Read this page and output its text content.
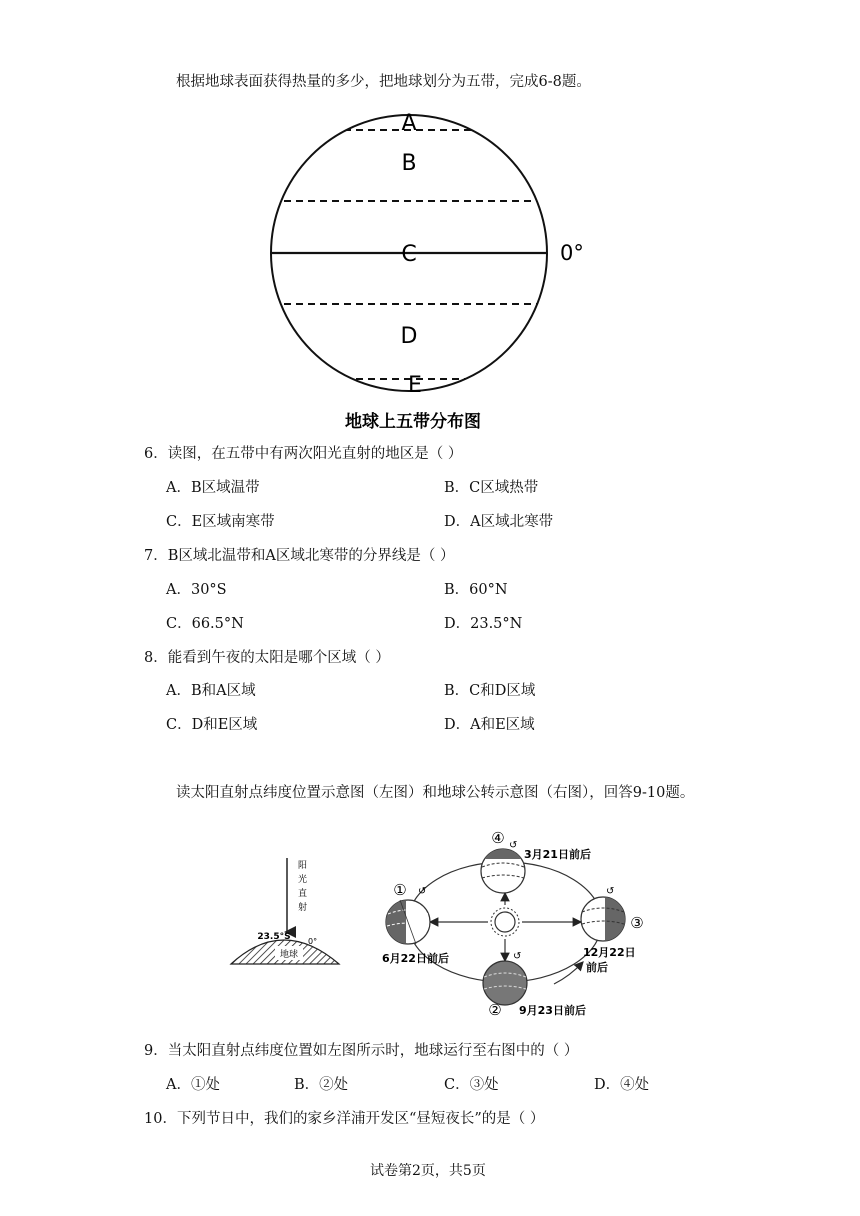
根据地球表面获得热量的多少，把地球划分为五带，完成6-8题。
A
B
C
D
E
0°
地球上五带分布图
6．读图，在五带中有两次阳光直射的地区是（ ）
A．B区域温带	B．C区域热带
C．E区域南寒带	D．A区域北寒带
7．B区域北温带和A区域北寒带的分界线是（ ）
A．30°S	B．60°N
C．66.5°N	D．23.5°N
8．能看到午夜的太阳是哪个区域（ ）
A．B和A区域	B．C和D区域
C．D和E区域	D．A和E区域
读太阳直射点纬度位置示意图（左图）和地球公转示意图（右图），回答9-10题。
阳
光
直
射
地球
23.5°S 0°
↺
↺
↺
↺
①
②
③
④
3月21日前后
6月22日前后
9月23日前后
12月22日
前后
9．当太阳直射点纬度位置如左图所示时，地球运行至右图中的（ ）
A．①处	B．②处	C．③处	D．④处
10．下列节日中，我们的家乡洋浦开发区“昼短夜长”的是（ ）
试卷第2页，共5页
